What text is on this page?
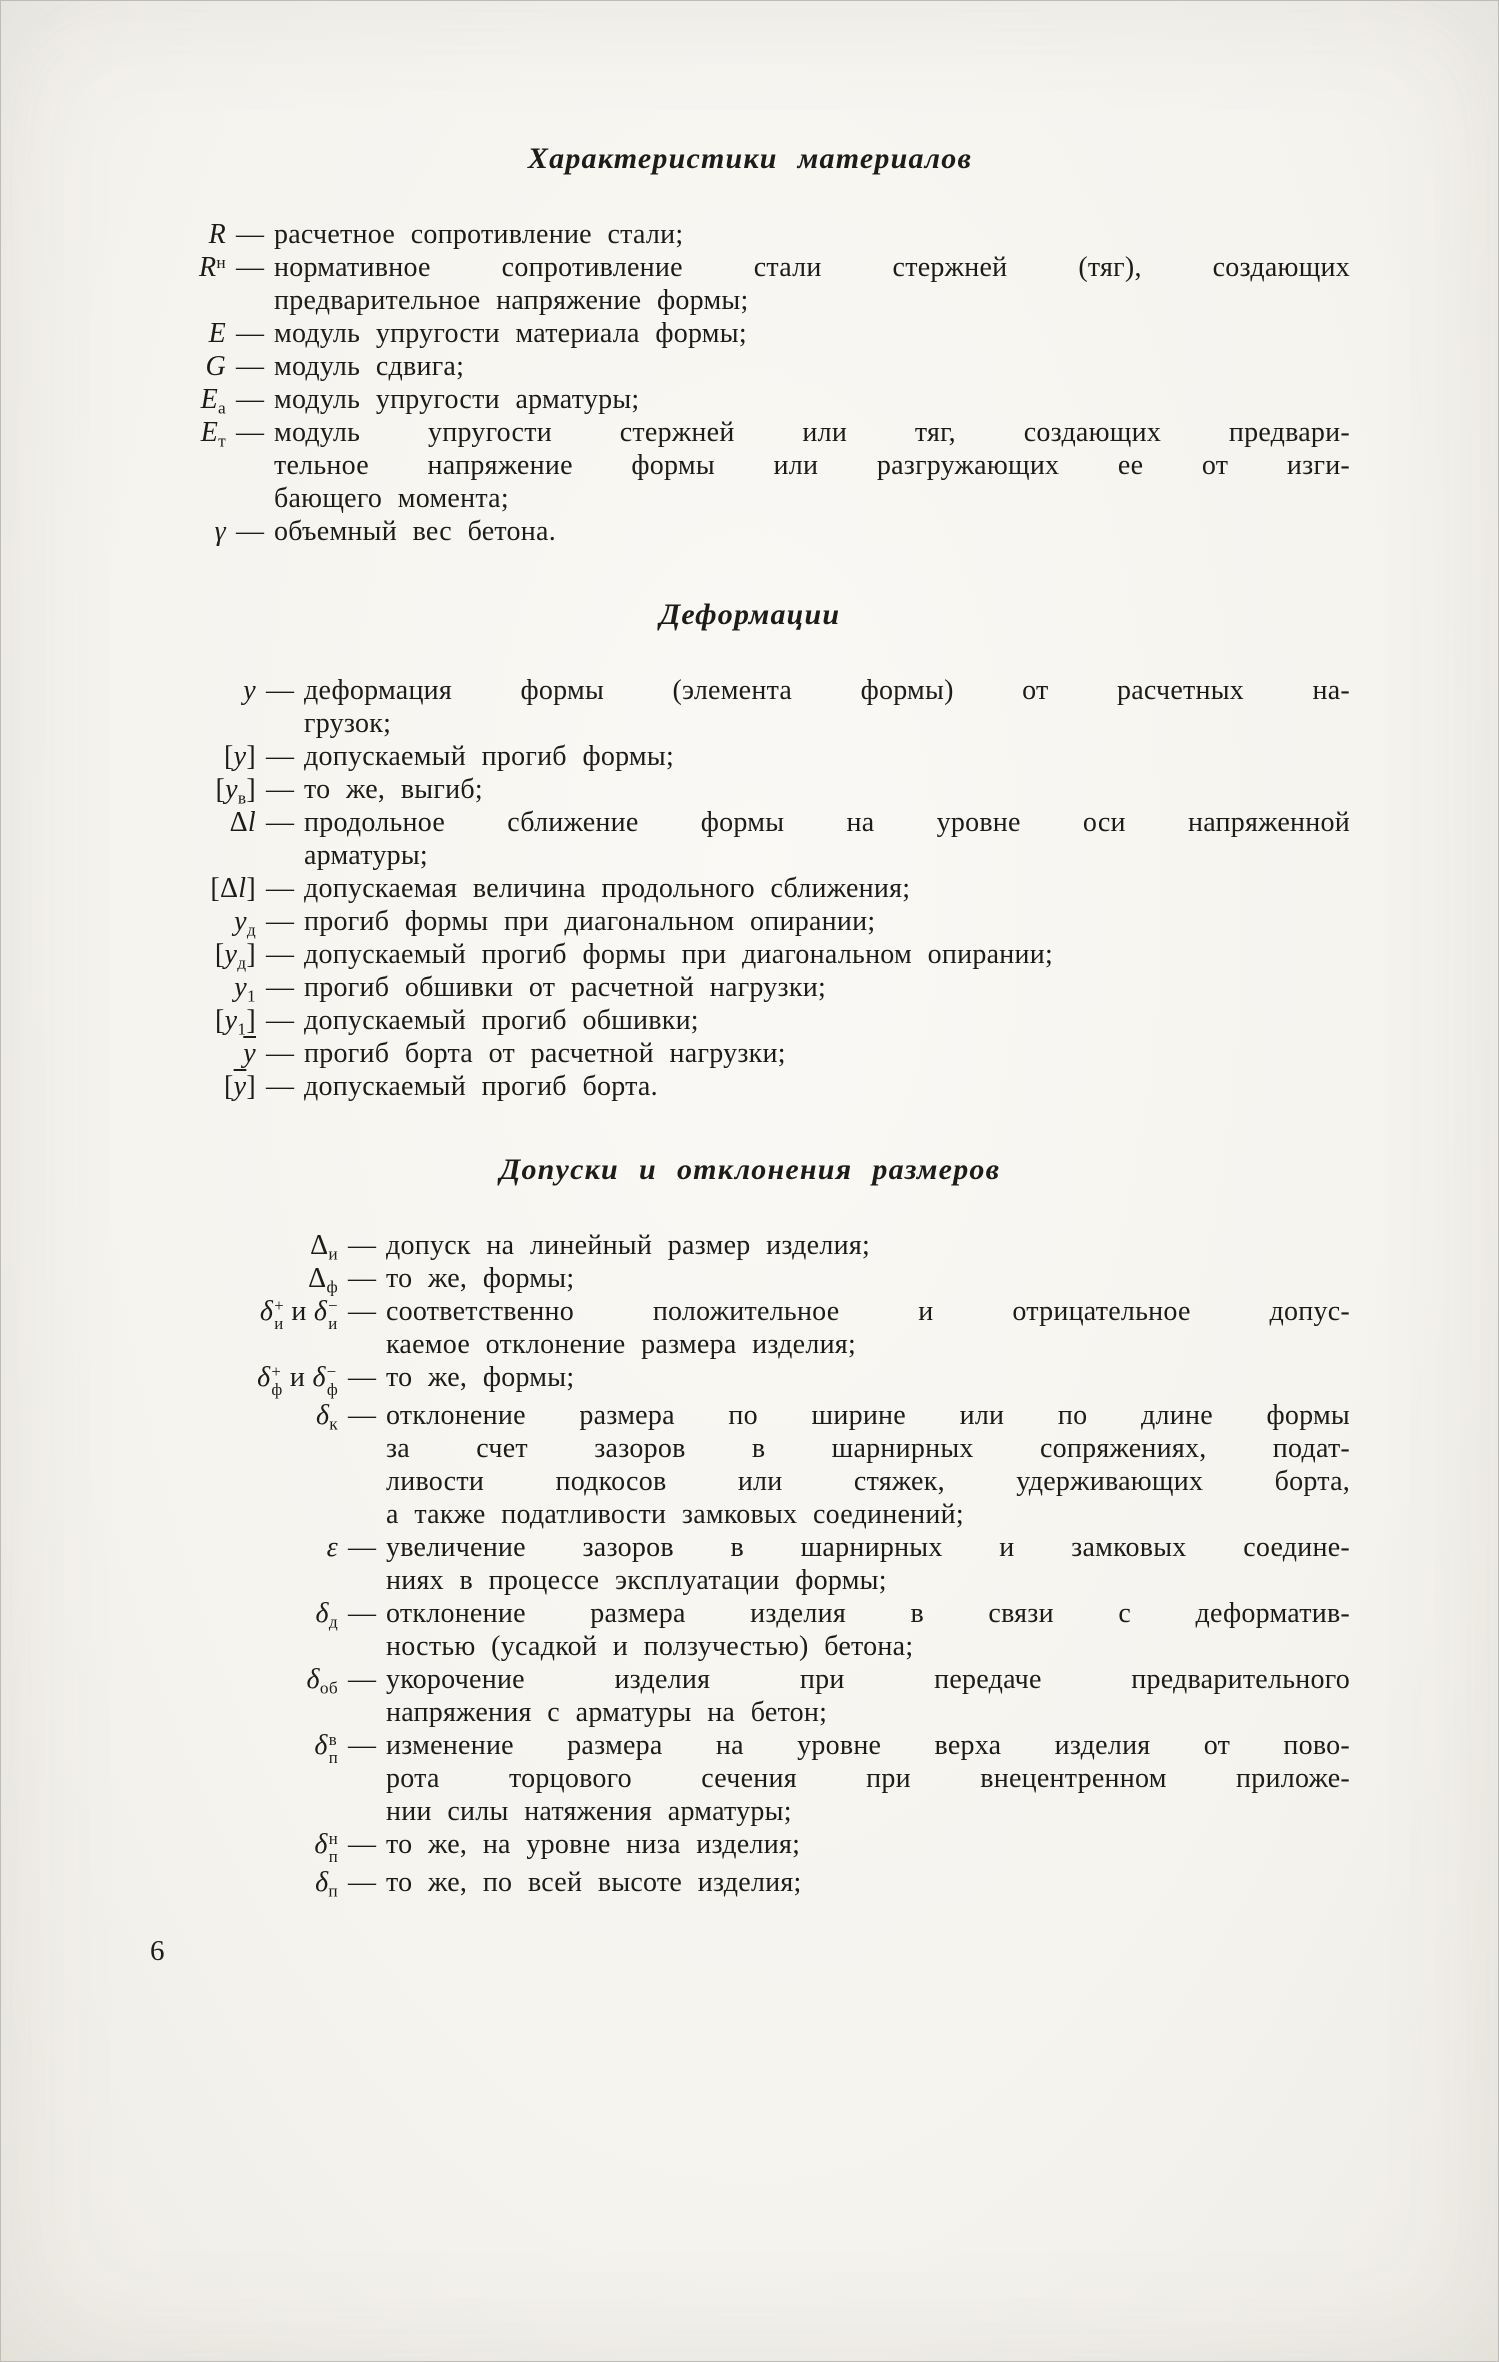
Характеристики материалов
R — расчетное сопротивление стали;
$R^н$ — нормативное сопротивление стали стержней (тяг), создающих
предварительное напряжение формы;
E — модуль упругости материала формы;
G — модуль сдвига;
$E_а$ — модуль упругости арматуры;
$E_т$ — модуль упругости стержней или тяг, создающих предвари-
тельное напряжение формы или разгружающих ее от изги-
бающего момента;
γ — объемный вес бетона.
Деформации
y — деформация формы (элемента формы) от расчетных на-
грузок;
[y] — допускаемый прогиб формы;
$[y_в]$ — то же, выгиб;
Δl — продольное сближение формы на уровне оси напряженной
арматуры;
[Δl] — допускаемая величина продольного сближения;
$y_д$ — прогиб формы при диагональном опирании;
$[y_д]$ — допускаемый прогиб формы при диагональном опирании;
$y_1$ — прогиб обшивки от расчетной нагрузки;
$[y_1]$ — допускаемый прогиб обшивки;
$\overline{y}$ — прогиб борта от расчетной нагрузки;
$[\overline{y}]$ — допускаемый прогиб борта.
Допуски и отклонения размеров
$\Delta_и$ — допуск на линейный размер изделия;
$\Delta_ф$ — то же, формы;
δ +
и и δ −
и — соответственно положительное и отрицательное допус-
каемое отклонение размера изделия;
δ +
ф и δ −
ф — то же, формы;
$\delta_к$ — отклонение размера по ширине или по длине формы
за счет зазоров в шарнирных сопряжениях, подат-
ливости подкосов или стяжек, удерживающих борта,
а также податливости замковых соединений;
ε — увеличение зазоров в шарнирных и замковых соедине-
ниях в процессе эксплуатации формы;
$\delta_д$ — отклонение размера изделия в связи с деформатив-
ностью (усадкой и ползучестью) бетона;
$\delta_{об}$ — укорочение изделия при передаче предварительного
напряжения с арматуры на бетон;
δ в
п — изменение размера на уровне верха изделия от пово-
рота торцового сечения при внецентренном приложе-
нии силы натяжения арматуры;
δ н
п — то же, на уровне низа изделия;
$\delta_п$ — то же, по всей высоте изделия;
6
